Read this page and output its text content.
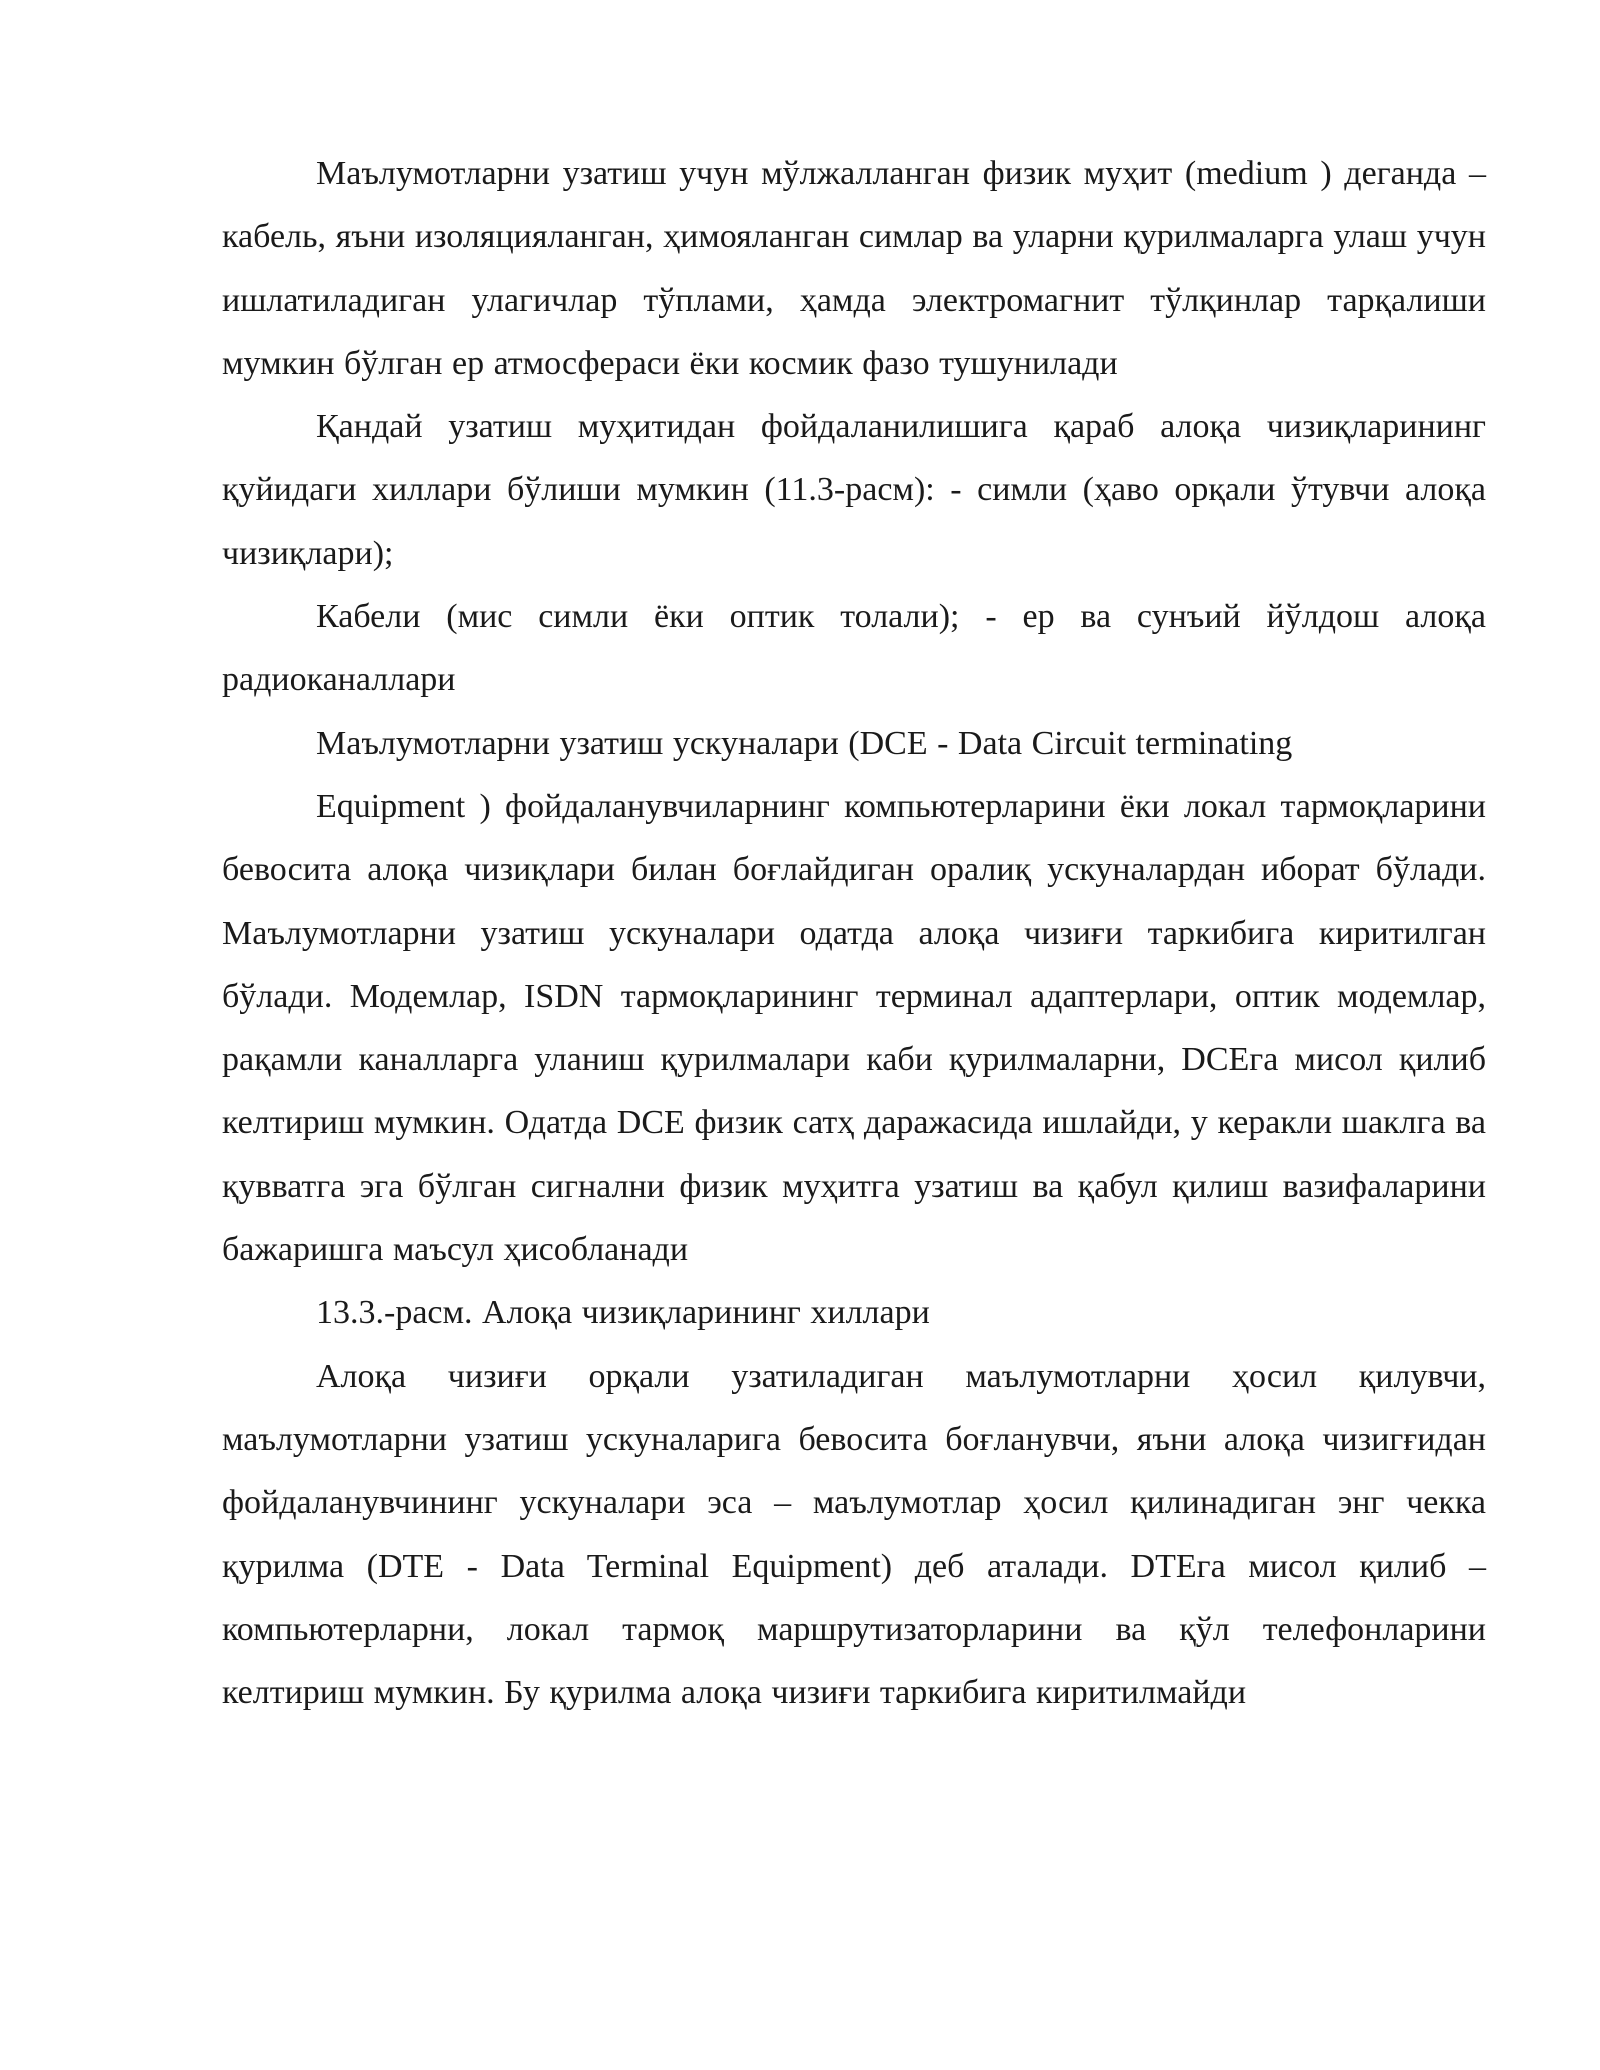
Маълумотларни узатиш учун мўлжалланган физик муҳит (medium ) деганда – кабель, яъни изоляцияланган, ҳимояланган симлар ва уларни қурилмаларга улаш учун ишлатиладиган улагичлар тўплами, ҳамда электромагнит тўлқинлар тарқалиши мумкин бўлган ер атмосфераси ёки космик фазо тушунилади

Қандай узатиш муҳитидан фойдаланилишига қараб алоқа чизиқларининг қуйидаги хиллари бўлиши мумкин (11.3-расм): - симли (ҳаво орқали ўтувчи алоқа чизиқлари);

Кабели (мис симли ёки оптик толали); - ер ва сунъий йўлдош алоқа радиоканаллари

Маълумотларни узатиш ускуналари (DCE - Data Circuit terminating

Equipment ) фойдаланувчиларнинг компьютерларини ёки локал тармоқларини бевосита алоқа чизиқлари билан боғлайдиган оралиқ ускуналардан иборат бўлади. Маълумотларни узатиш ускуналари одатда алоқа чизиғи таркибига киритилган бўлади. Модемлар, ISDN тармоқларининг терминал адаптерлари, оптик модемлар, рақамли каналларга уланиш қурилмалари каби қурилмаларни, DCEга мисол қилиб келтириш мумкин. Одатда DCE физик сатҳ даражасида ишлайди, у керакли шаклга ва қувватга эга бўлган сигнални физик муҳитга узатиш ва қабул қилиш вазифаларини бажаришга маъсул ҳисобланади

13.3.-расм. Алоқа чизиқларининг хиллари

Алоқа чизиғи орқали узатиладиган маълумотларни ҳосил қилувчи, маълумотларни узатиш ускуналарига бевосита боғланувчи, яъни алоқа чизигғидан фойдаланувчининг ускуналари эса – маълумотлар ҳосил қилинадиган энг чекка қурилма (DTE - Data Terminal Equipment) деб аталади. DTEга мисол қилиб – компьютерларни, локал тармоқ маршрутизаторларини ва қўл телефонларини келтириш мумкин. Бу қурилма алоқа чизиғи таркибига киритилмайди
